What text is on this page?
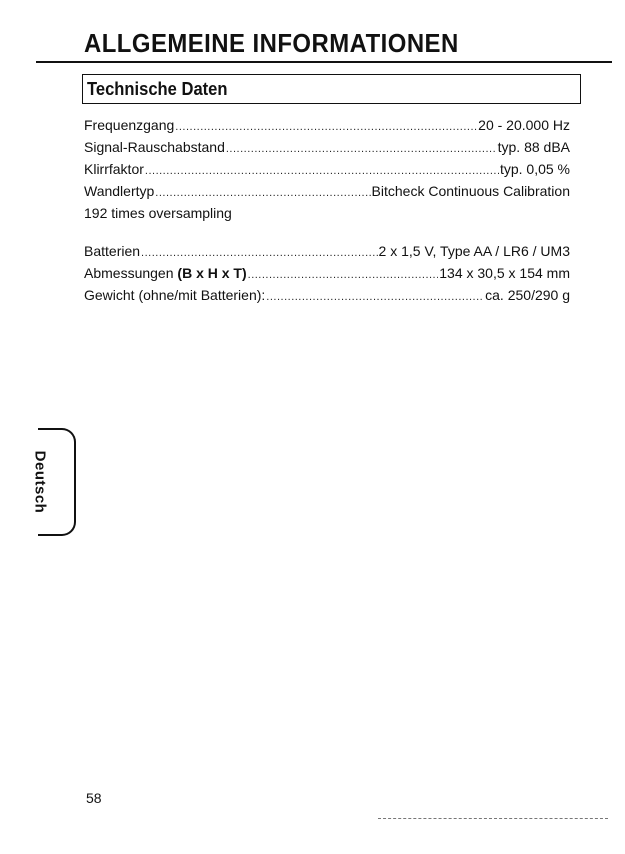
ALLGEMEINE INFORMATIONEN
Technische Daten
Frequenzgang .....	20 - 20.000 Hz
Signal-Rauschabstand .....	typ. 88 dBA
Klirrfaktor .....	typ. 0,05 %
Wandlertyp .....	Bitcheck Continuous Calibration
192 times oversampling
Batterien .....	2 x 1,5 V, Type AA / LR6 / UM3
Abmessungen (B x H x T) .....	134 x 30,5 x 154 mm
Gewicht (ohne/mit Batterien): .....	ca. 250/290 g
Deutsch
58
